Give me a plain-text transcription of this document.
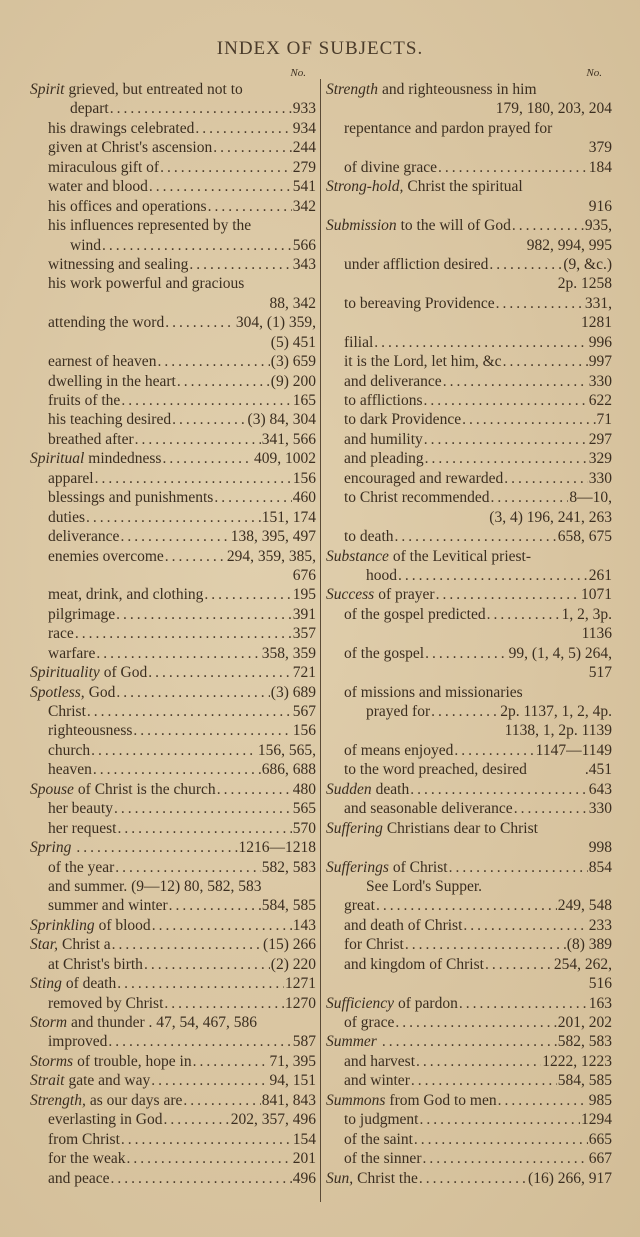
INDEX OF SUBJECTS.
No.
Spirit grieved, but entreated not to
depart .....	933
his drawings celebrated .....	934
given at Christ's ascension .....	244
miraculous gift of .....	279
water and blood .....	541
his offices and operations .....	342
his influences represented by the
wind .....	566
witnessing and sealing .....	343
his work powerful and gracious
88, 342
attending the word .....	304, (1) 359,
(5) 451
earnest of heaven .....	(3) 659
dwelling in the heart .....	(9) 200
fruits of the .....	165
his teaching desired .....	(3) 84, 304
breathed after .....	341, 566
Spiritual mindedness .....	409, 1002
apparel .....	156
blessings and punishments .....	460
duties .....	151, 174
deliverance .....	138, 395, 497
enemies overcome .....	294, 359, 385,
676
meat, drink, and clothing .....	195
pilgrimage .....	391
race .....	357
warfare .....	358, 359
Spirituality of God .....	721
Spotless, God .....	(3) 689
Christ .....	567
righteousness .....	156
church .....	156, 565,
heaven .....	686, 688
Spouse of Christ is the church .....	480
her beauty .....	565
her request .....	570
Spring .....	1216—1218
of the year .....	582, 583
and summer. (9—12) 80, 582, 583
summer and winter .....	584, 585
Sprinkling of blood .....	143
Star, Christ a .....	(15) 266
at Christ's birth .....	(2) 220
Sting of death .....	1271
removed by Christ .....	1270
Storm and thunder . 47, 54, 467, 586
improved .....	587
Storms of trouble, hope in .....	71, 395
Strait gate and way .....	94, 151
Strength, as our days are .....	841, 843
everlasting in God .....	202, 357, 496
from Christ .....	154
for the weak .....	201
and peace .....	496
No.
Strength and righteousness in him
179, 180, 203, 204
repentance and pardon prayed for
379
of divine grace .....	184
Strong-hold, Christ the spiritual
916
Submission to the will of God .....	935,
982, 994, 995
under affliction desired .....	(9, &c.)
2p. 1258
to bereaving Providence .....	331,
1281
filial .....	996
it is the Lord, let him, &c .....	997
and deliverance .....	330
to afflictions .....	622
to dark Providence .....	71
and humility .....	297
and pleading .....	329
encouraged and rewarded .....	330
to Christ recommended .....	8—10,
(3, 4) 196, 241, 263
to death .....	658, 675
Substance of the Levitical priest-
hood .....	261
Success of prayer .....	1071
of the gospel predicted .....	1, 2, 3p.
1136
of the gospel .....	99, (1, 4, 5) 264,
517
of missions and missionaries
prayed for .....	2p. 1137, 1, 2, 4p.
1138, 1, 2p. 1139
of means enjoyed .....	1147—1149
to the word preached, desired	.451
Sudden death .....	643
and seasonable deliverance .....	330
Suffering Christians dear to Christ
998
Sufferings of Christ .....	854
See Lord's Supper.
great .....	249, 548
and death of Christ .....	233
for Christ .....	(8) 389
and kingdom of Christ .....	254, 262,
516
Sufficiency of pardon .....	163
of grace .....	201, 202
Summer .....	582, 583
and harvest .....	1222, 1223
and winter .....	584, 585
Summons from God to men .....	985
to judgment .....	1294
of the saint .....	665
of the sinner .....	667
Sun, Christ the .....	(16) 266, 917
